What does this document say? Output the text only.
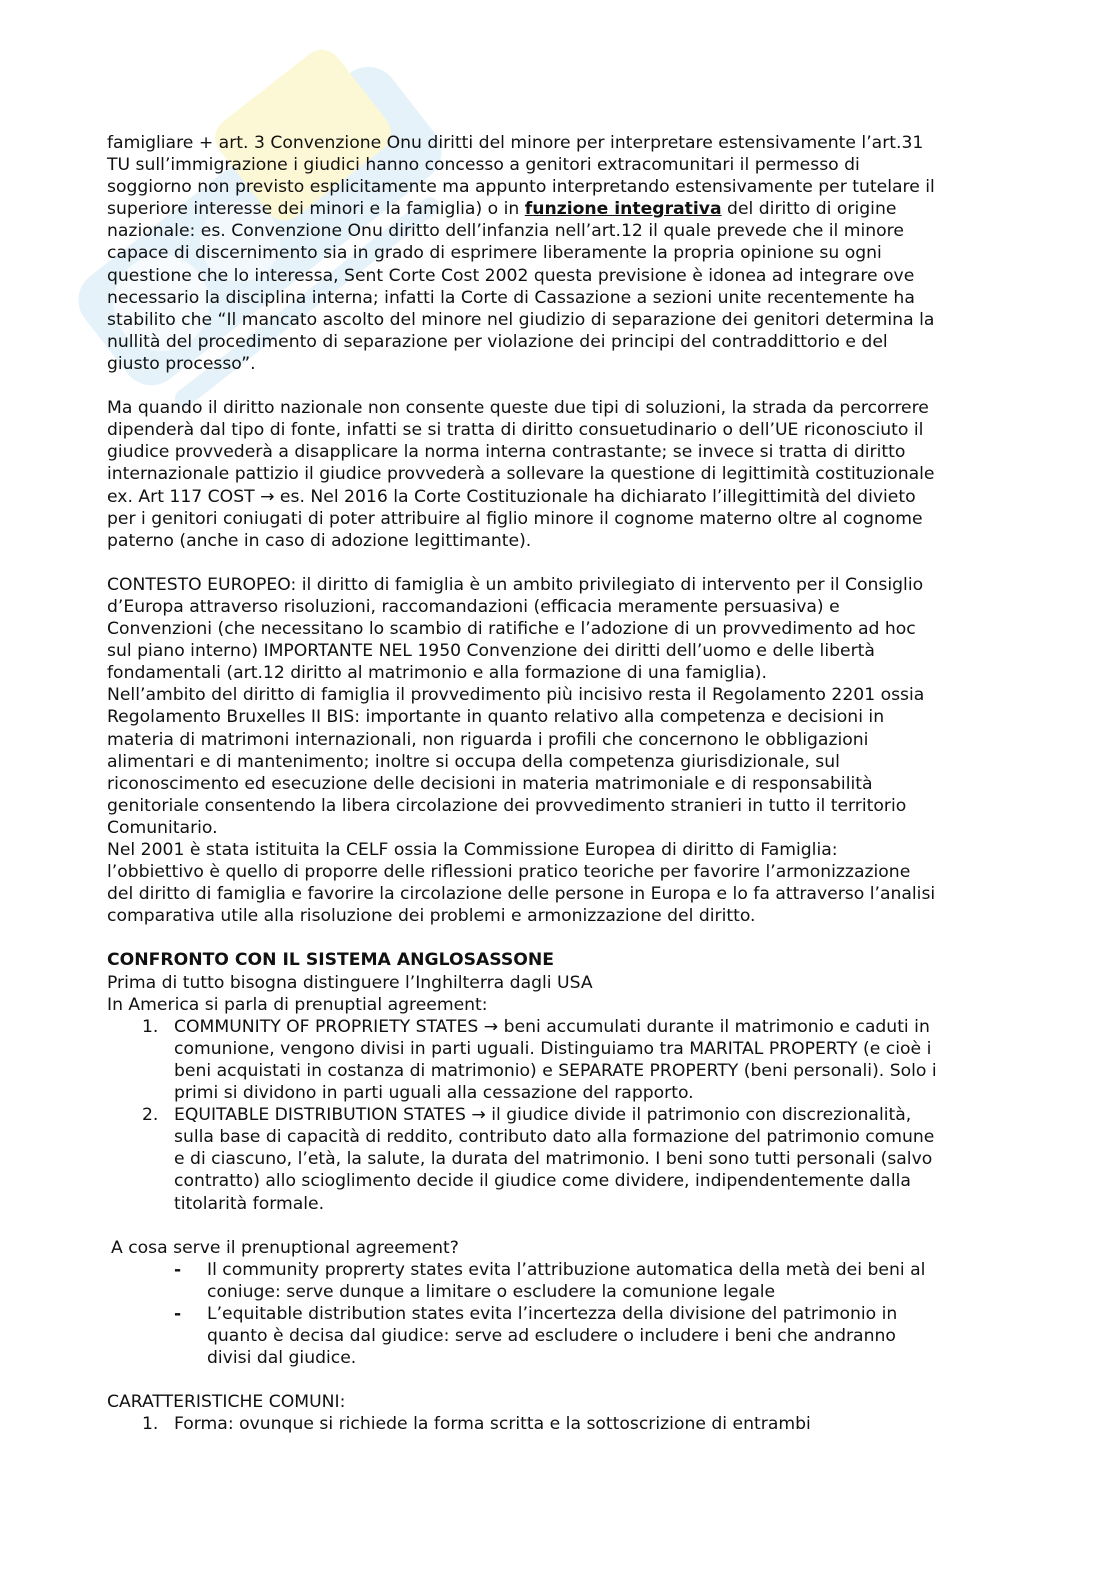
famigliare + art. 3 Convenzione Onu diritti del minore per interpretare estensivamente l’art.31
TU sull’immigrazione i giudici hanno concesso a genitori extracomunitari il permesso di
soggiorno non previsto esplicitamente ma appunto interpretando estensivamente per tutelare il
superiore interesse dei minori e la famiglia) o in funzione integrativa del diritto di origine
nazionale: es. Convenzione Onu diritto dell’infanzia nell’art.12 il quale prevede che il minore
capace di discernimento sia in grado di esprimere liberamente la propria opinione su ogni
questione che lo interessa, Sent Corte Cost 2002 questa previsione è idonea ad integrare ove
necessario la disciplina interna; infatti la Corte di Cassazione a sezioni unite recentemente ha
stabilito che “Il mancato ascolto del minore nel giudizio di separazione dei genitori determina la
nullità del procedimento di separazione per violazione dei principi del contraddittorio e del
giusto processo”.
Ma quando il diritto nazionale non consente queste due tipi di soluzioni, la strada da percorrere
dipenderà dal tipo di fonte, infatti se si tratta di diritto consuetudinario o dell’UE riconosciuto il
giudice provvederà a disapplicare la norma interna contrastante; se invece si tratta di diritto
internazionale pattizio il giudice provvederà a sollevare la questione di legittimità costituzionale
ex. Art 117 COST → es. Nel 2016 la Corte Costituzionale ha dichiarato l’illegittimità del divieto
per i genitori coniugati di poter attribuire al figlio minore il cognome materno oltre al cognome
paterno (anche in caso di adozione legittimante).
CONTESTO EUROPEO: il diritto di famiglia è un ambito privilegiato di intervento per il Consiglio
d’Europa attraverso risoluzioni, raccomandazioni (efficacia meramente persuasiva) e
Convenzioni (che necessitano lo scambio di ratifiche e l’adozione di un provvedimento ad hoc
sul piano interno) IMPORTANTE NEL 1950 Convenzione dei diritti dell’uomo e delle libertà
fondamentali (art.12 diritto al matrimonio e alla formazione di una famiglia).
Nell’ambito del diritto di famiglia il provvedimento più incisivo resta il Regolamento 2201 ossia
Regolamento Bruxelles II BIS: importante in quanto relativo alla competenza e decisioni in
materia di matrimoni internazionali, non riguarda i profili che concernono le obbligazioni
alimentari e di mantenimento; inoltre si occupa della competenza giurisdizionale, sul
riconoscimento ed esecuzione delle decisioni in materia matrimoniale e di responsabilità
genitoriale consentendo la libera circolazione dei provvedimento stranieri in tutto il territorio
Comunitario.
Nel 2001 è stata istituita la CELF ossia la Commissione Europea di diritto di Famiglia:
l’obbiettivo è quello di proporre delle riflessioni pratico teoriche per favorire l’armonizzazione
del diritto di famiglia e favorire la circolazione delle persone in Europa e lo fa attraverso l’analisi
comparativa utile alla risoluzione dei problemi e armonizzazione del diritto.
CONFRONTO CON IL SISTEMA ANGLOSASSONE
Prima di tutto bisogna distinguere l’Inghilterra dagli USA
In America si parla di prenuptial agreement:
1. COMMUNITY OF PROPRIETY STATES → beni accumulati durante il matrimonio e caduti in
comunione, vengono divisi in parti uguali. Distinguiamo tra MARITAL PROPERTY (e cioè i
beni acquistati in costanza di matrimonio) e SEPARATE PROPERTY (beni personali). Solo i
primi si dividono in parti uguali alla cessazione del rapporto.
2. EQUITABLE DISTRIBUTION STATES → il giudice divide il patrimonio con discrezionalità,
sulla base di capacità di reddito, contributo dato alla formazione del patrimonio comune
e di ciascuno, l’età, la salute, la durata del matrimonio. I beni sono tutti personali (salvo
contratto) allo scioglimento decide il giudice come dividere, indipendentemente dalla
titolarità formale.
A cosa serve il prenuptional agreement?
- Il community proprerty states evita l’attribuzione automatica della metà dei beni al
coniuge: serve dunque a limitare o escludere la comunione legale
- L’equitable distribution states evita l’incertezza della divisione del patrimonio in
quanto è decisa dal giudice: serve ad escludere o includere i beni che andranno
divisi dal giudice.
CARATTERISTICHE COMUNI:
1. Forma: ovunque si richiede la forma scritta e la sottoscrizione di entrambi
